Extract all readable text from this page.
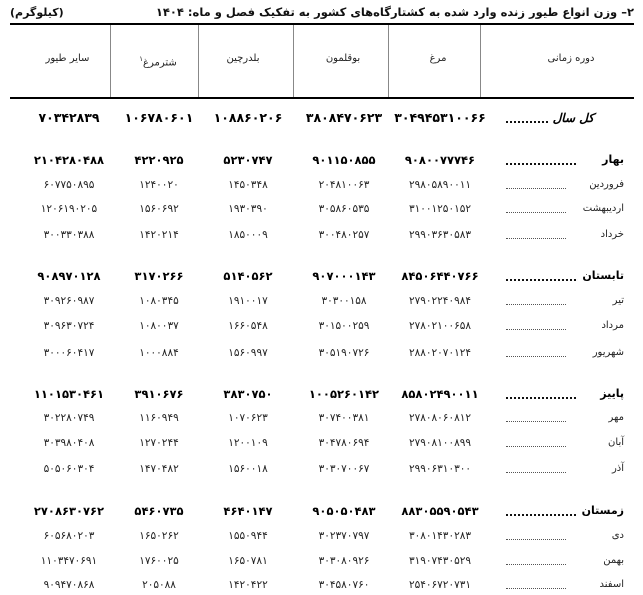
۲– وزن انواع طیور زنده وارد شده به کشتارگاه‌های کشور به تفکیک فصل و ماه: ۱۴۰۴
(کیلوگرم)
دوره زمانی
مرغ
بوقلمون
بلدرچین
شترمرغ$^۱$
سایر طیور
کل سال
۳۰۴۹۴۵۳۱۰۰۶۶
۳۸۰۸۴۷۰۶۲۳
۱۰۸۸۶۰۲۰۶
۱۰۶۷۸۰۶۰۱
۷۰۳۴۲۸۳۹
بهار
۹۰۸۰۰۷۷۷۴۶
۹۰۱۱۵۰۸۵۵
۵۲۳۰۷۴۷
۴۲۲۰۹۲۵
۲۱۰۴۲۸۰۴۸۸
فروردین
۲۹۸۰۵۸۹۰۰۱۱
۲۰۴۸۱۰۰۶۳
۱۴۵۰۳۴۸
۱۲۴۰۰۲۰
۶۰۷۷۵۰۸۹۵
اردیبهشت
۳۱۰۰۱۲۵۰۱۵۲
۳۰۵۸۶۰۵۳۵
۱۹۳۰۳۹۰
۱۵۶۰۶۹۲
۱۲۰۶۱۹۰۲۰۵
خرداد
۲۹۹۰۳۶۳۰۵۸۳
۳۰۰۴۸۰۲۵۷
۱۸۵۰۰۰۹
۱۴۲۰۲۱۴
۳۰۰۳۳۰۳۸۸
تابستان
۸۴۵۰۶۴۴۰۷۶۶
۹۰۷۰۰۰۱۴۳
۵۱۴۰۵۶۲
۳۱۷۰۲۶۶
۹۰۸۹۷۰۱۲۸
تیر
۲۷۹۰۲۲۴۰۹۸۴
۳۰۳۰۰۱۵۸
۱۹۱۰۰۱۷
۱۰۸۰۳۴۵
۳۰۹۲۶۰۹۸۷
مرداد
۲۷۸۰۲۱۰۰۶۵۸
۳۰۱۵۰۰۲۵۹
۱۶۶۰۵۴۸
۱۰۸۰۰۳۷
۳۰۹۶۳۰۷۲۴
شهریور
۲۸۸۰۲۰۷۰۱۲۴
۳۰۵۱۹۰۷۲۶
۱۵۶۰۹۹۷
۱۰۰۰۸۸۴
۳۰۰۰۶۰۴۱۷
پاییز
۸۵۸۰۲۴۹۰۰۱۱
۱۰۰۵۲۶۰۱۴۲
۳۸۳۰۷۵۰
۳۹۱۰۶۷۶
۱۱۰۱۵۳۰۴۶۱
مهر
۲۷۸۰۸۰۶۰۸۱۲
۳۰۷۴۰۰۳۸۱
۱۰۷۰۶۲۳
۱۱۶۰۹۴۹
۳۰۲۲۸۰۷۴۹
آبان
۲۷۹۰۸۱۰۰۸۹۹
۳۰۴۷۸۰۶۹۴
۱۲۰۰۱۰۹
۱۲۷۰۲۴۴
۳۰۳۹۸۰۴۰۸
آذر
۲۹۹۰۶۳۱۰۳۰۰
۳۰۳۰۷۰۰۶۷
۱۵۶۰۰۱۸
۱۴۷۰۴۸۲
۵۰۵۰۶۰۳۰۴
زمستان
۸۸۳۰۵۵۹۰۵۴۳
۹۰۵۰۵۰۴۸۳
۴۶۴۰۱۴۷
۵۴۶۰۷۳۵
۲۷۰۸۶۳۰۷۶۲
دی
۳۰۸۰۱۴۳۰۲۸۳
۳۰۲۳۷۰۷۹۷
۱۵۵۰۹۴۴
۱۶۵۰۲۶۲
۶۰۵۶۸۰۲۰۳
بهمن
۳۱۹۰۷۴۳۰۵۲۹
۳۰۳۰۸۰۹۲۶
۱۶۵۰۷۸۱
۱۷۶۰۰۲۵
۱۱۰۳۴۷۰۶۹۱
اسفند
۲۵۴۰۶۷۲۰۷۳۱
۳۰۴۵۸۰۷۶۰
۱۴۲۰۴۲۲
۲۰۵۰۸۸
۹۰۹۴۷۰۸۶۸
